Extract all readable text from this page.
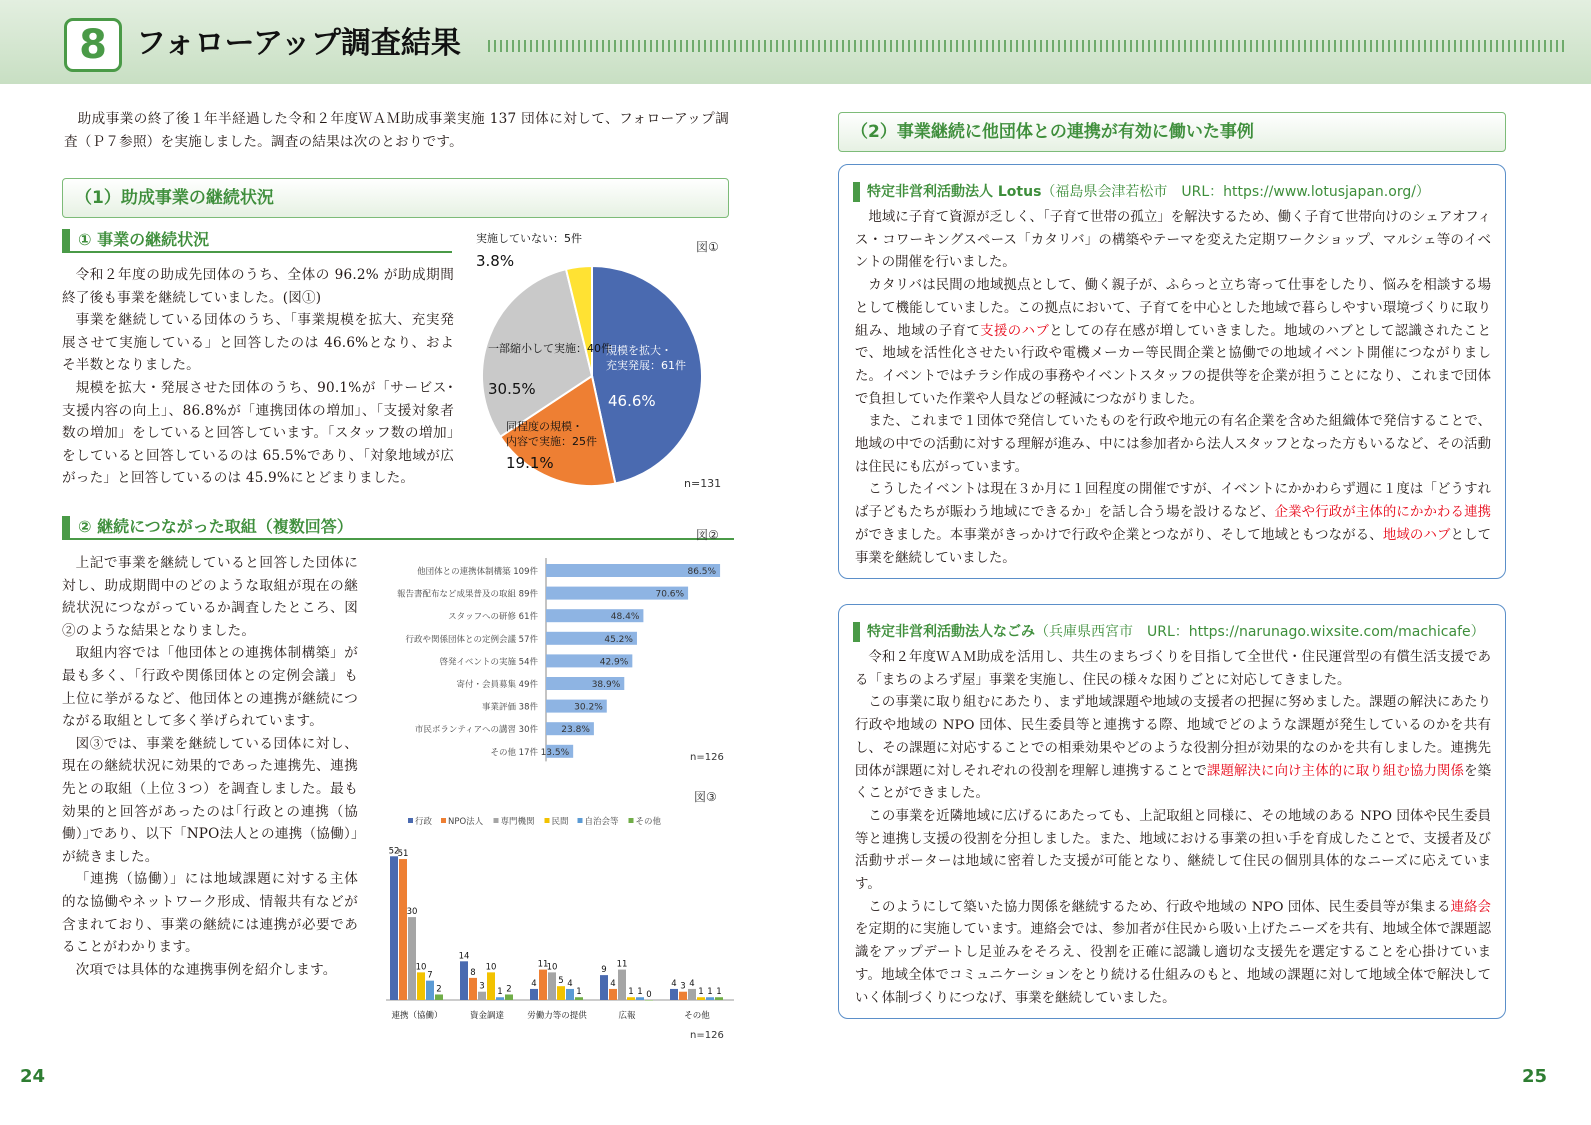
8 フォローアップ調査結果

助成事業の終了後１年半経過した令和２年度ＷＡＭ助成事業実施 137 団体に対して、フォローアップ調査（Ｐ７参照）を実施しました。調査の結果は次のとおりです。

（1）助成事業の継続状況
① 事業の継続状況

令和２年度の助成先団体のうち、全体の 96.2% が助成期間終了後も事業を継続していました。(図①)

事業を継続している団体のうち、「事業規模を拡大、充実発展させて実施している」と回答したのは 46.6%となり、およそ半数となりました。

規模を拡大・発展させた団体のうち、90.1%が「サービス･支援内容の向上」、86.8%が「連携団体の増加」、「支援対象者数の増加」をしていると回答しています。「スタッフ数の増加」をしていると回答しているのは 65.5%であり、「対象地域が広がった」と回答しているのは 45.9%にとどまりました。

② 継続につながった取組（複数回答）

上記で事業を継続していると回答した団体に対し、助成期間中のどのような取組が現在の継続状況につながっているか調査したところ、図②のような結果となりました。

取組内容では「他団体との連携体制構築」が最も多く、「行政や関係団体との定例会議」も上位に挙がるなど、他団体との連携が継続につながる取組として多く挙げられています。

図③では、事業を継続している団体に対し、現在の継続状況に効果的であった連携先、連携先との取組（上位３つ）を調査しました。最も効果的と回答があったのは｢行政との連携（協働）｣であり、以下「NPO法人との連携（協働）」が続きました。

「連携（協働）」には地域課題に対する主体的な協働やネットワーク形成、情報共有などが含まれており、事業の継続には連携が必要であることがわかります。

次項では具体的な連携事例を紹介します。

図①
規模を拡大・充実発展：61件
46.6%
同程度の規模・内容で実施：25件
19.1%
一部縮小して実施：40件
30.5%
実施していない：5件
3.8%
n=131
図②
他団体との連携体制構築 109件	86.5%
報告書配布など成果普及の取組 89件	70.6%
スタッフへの研修 61件	48.4%
行政や関係団体との定例会議 57件	45.2%
啓発イベントの実施 54件	42.9%
寄付・会員募集 49件	38.9%
事業評価 38件	30.2%
市民ボランティアへの講習 30件	23.8%
その他 17件 13.5%	n=126
図③
行政 NPO法人 専門機関 民間 自治会等 その他
52
51
30
10
7
2
連携（協働）
14
8
3
10
1 2
資金調達
4
11
10
5 4
1
労働力等の提供
9
4
11
1 1 0
広報
4 3 4
1 1 1
その他
n=126
24
（2）事業継続に他団体との連携が有効に働いた事例
特定非営利活動法人 Lotus（福島県会津若松市　URL：https://www.lotusjapan.org/）

地域に子育て資源が乏しく、「子育て世帯の孤立」を解決するため、働く子育て世帯向けのシェアオフィス・コワーキングスペース「カタリバ」の構築やテーマを変えた定期ワークショップ、マルシェ等のイベントの開催を行いました。

カタリバは民間の地域拠点として、働く親子が、ふらっと立ち寄って仕事をしたり、悩みを相談する場として機能していました。この拠点において、子育てを中心とした地域で暮らしやすい環境づくりに取り組み、地域の子育て支援のハブとしての存在感が増していきました。地域のハブとして認識されたことで、地域を活性化させたい行政や電機メーカー等民間企業と協働での地域イベント開催につながりました。イベントではチラシ作成の事務やイベントスタッフの提供等を企業が担うことになり、これまで団体で負担していた作業や人員などの軽減につながりました。

また、これまで１団体で発信していたものを行政や地元の有名企業を含めた組織体で発信することで、地域の中での活動に対する理解が進み、中には参加者から法人スタッフとなった方もいるなど、その活動は住民にも広がっています。

こうしたイベントは現在３か月に１回程度の開催ですが、イベントにかかわらず週に１度は「どうすれば子どもたちが賑わう地域にできるか」を話し合う場を設けるなど、企業や行政が主体的にかかわる連携ができました。本事業がきっかけで行政や企業とつながり、そして地域ともつながる、地域のハブとして事業を継続していました。

特定非営利活動法人なごみ（兵庫県西宮市　URL：https://narunago.wixsite.com/machicafe）

令和２年度ＷＡＭ助成を活用し、共生のまちづくりを目指して全世代・住民運営型の有償生活支援である「まちのよろず屋」事業を実施し、住民の様々な困りごとに対応してきました。

この事業に取り組むにあたり、まず地域課題や地域の支援者の把握に努めました。課題の解決にあたり行政や地域の NPO 団体、民生委員等と連携する際、地域でどのような課題が発生しているのかを共有し、その課題に対応することでの相乗効果やどのような役割分担が効果的なのかを共有しました。連携先団体が課題に対しそれぞれの役割を理解し連携することで課題解決に向け主体的に取り組む協力関係を築くことができました。

この事業を近隣地域に広げるにあたっても、上記取組と同様に、その地域のある NPO 団体や民生委員等と連携し支援の役割を分担しました。また、地域における事業の担い手を育成したことで、支援者及び活動サポーターは地域に密着した支援が可能となり、継続して住民の個別具体的なニーズに応えています。

このようにして築いた協力関係を継続するため、行政や地域の NPO 団体、民生委員等が集まる連絡会を定期的に実施しています。連絡会では、参加者が住民から吸い上げたニーズを共有、地域全体で課題認識をアップデートし足並みをそろえ、役割を正確に認識し適切な支援先を選定することを心掛けています。地域全体でコミュニケーションをとり続ける仕組みのもと、地域の課題に対して地域全体で解決していく体制づくりにつなげ、事業を継続していました。

25
